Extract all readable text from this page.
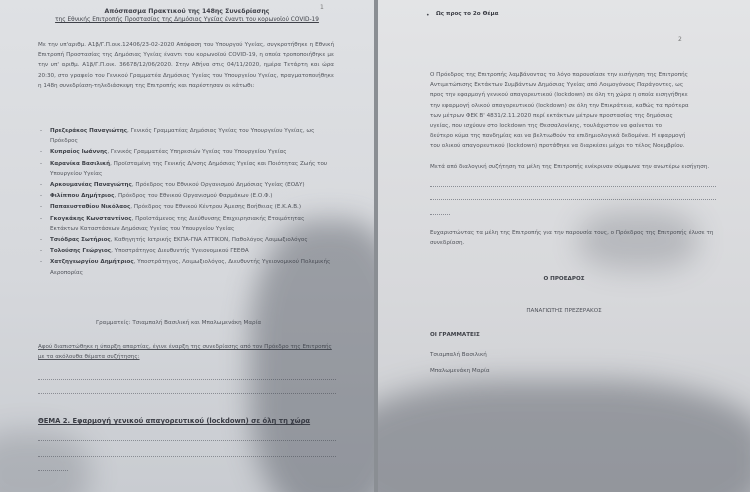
1
Απόσπασμα Πρακτικού της 148ης Συνεδρίασης
της Εθνικής Επιτροπής Προστασίας της Δημόσιας Υγείας έναντι του κορωνοϊού COVID-19
Με την υπ'αριθμ. Α1β/Γ.Π.οικ.12406/23-02-2020 Απόφαση του Υπουργού Υγείας, συγκροτήθηκε η Εθνική Επιτροπή Προστασίας της Δημόσιας Υγείας έναντι του κορωνοϊού COVID-19, η οποία τροποποιήθηκε με την υπ' αριθμ. Α1β/Γ.Π.οικ. 36678/12/06/2020. Στην Αθήνα στις 04/11/2020, ημέρα Τετάρτη και ώρα 20:30, στο γραφείο του Γενικού Γραμματέα Δημόσιας Υγείας του Υπουργείου Υγείας, πραγματοποιήθηκε η 148η συνεδρίαση-τηλεδιάσκεψη της Επιτροπής και παρέστησαν οι κάτωθι:
- Πρεζεράκος Παναγιώτης, Γενικός Γραμματέας Δημόσιας Υγείας του Υπουργείου Υγείας, ως Πρόεδρος
- Κυπραίος Ιωάννης, Γενικός Γραμματέας Υπηρεσιών Υγείας του Υπουργείου Υγείας
- Καρανίκα Βασιλική, Προϊσταμένη της Γενικής Δ/νσης Δημόσιας Υγείας και Ποιότητας Ζωής του Υπουργείου Υγείας
- Αρκουμανέας Παναγιώτης, Πρόεδρος του Εθνικού Οργανισμού Δημόσιας Υγείας (ΕΟΔΥ)
- Φιλίππου Δημήτριος, Πρόεδρος του Εθνικού Οργανισμού Φαρμάκων (Ε.Ο.Φ.)
- Παπαευσταθίου Νικόλαος, Πρόεδρος του Εθνικού Κέντρου Άμεσης Βοήθειας (Ε.Κ.Α.Β.)
- Γκογκάκης Κωνσταντίνος, Προϊστάμενος της Διεύθυνσης Επιχειρησιακής Ετοιμότητας Εκτάκτων Καταστάσεων Δημόσιας Υγείας του Υπουργείου Υγείας
- Τσιόδρας Σωτήριος, Καθηγητής Ιατρικής ΕΚΠΑ-ΓΝΑ ΑΤΤΙΚΟΝ, Παθολόγος Λοιμωξιολόγος
- Τολούσης Γεώργιος, Υποστράτηγος Διευθυντής Υγειονομικού ΓΕΕΘΑ
- Χατζηγεωργίου Δημήτριος, Υποστράτηγος, Λοιμωξιολόγος, Διευθυντής Υγειονομικού Πολεμικής Αεροπορίας
Γραμματείς: Τσιαμπαλή Βασιλική και Μπαλωμενάκη Μαρία
Αφού διαπιστώθηκε η ύπαρξη απαρτίας, έγινε έναρξη της συνεδρίασης από τον Πρόεδρο της Επιτροπής με τα ακόλουθα θέματα συζήτησης:
ΘΕΜΑ 2. Εφαρμογή γενικού απαγορευτικού (lockdown) σε όλη τη χώρα
2
• Ως προς το 2ο Θέμα
Ο Πρόεδρος της Επιτροπής λαμβάνοντας το λόγο παρουσίασε την εισήγηση της Επιτροπής
Αντιμετώπισης Εκτάκτων Συμβάντων Δημόσιας Υγείας από Λοιμογόνους Παράγοντες, ως
προς την εφαρμογή γενικού απαγορευτικού (lockdown) σε όλη τη χώρα η οποία εισηγήθηκε
την εφαρμογή ολικού απαγορευτικού (lockdown) σε όλη την Επικράτεια, καθώς τα πρότερα
των μέτρων ΦΕΚ Β' 4831/2.11.2020 περί εκτάκτων μέτρων προστασίας της δημόσιας
υγείας, που ισχύουν στο lockdown της Θεσσαλονίκης, τουλάχιστον να φαίνεται το
δεύτερο κύμα της πανδημίας και να βελτιωθούν τα επιδημιολογικά δεδομένα. Η εφαρμογή
του ολικού απαγορευτικού (lockdown) προτάθηκε να διαρκέσει μέχρι το τέλος Νοεμβρίου.
Μετά από διαλογική συζήτηση τα μέλη της Επιτροπής ενέκριναν σύμφωνα την ανωτέρω εισήγηση.
Ευχαριστώντας τα μέλη της Επιτροπής για την παρουσία τους, ο Πρόεδρος της Επιτροπής έλυσε τη συνεδρίαση.
Ο ΠΡΟΕΔΡΟΣ
ΠΑΝΑΓΙΩΤΗΣ ΠΡΕΖΕΡΑΚΟΣ
ΟΙ ΓΡΑΜΜΑΤΕΙΣ
Τσιαμπαλή Βασιλική
Μπαλωμενάκη Μαρία
